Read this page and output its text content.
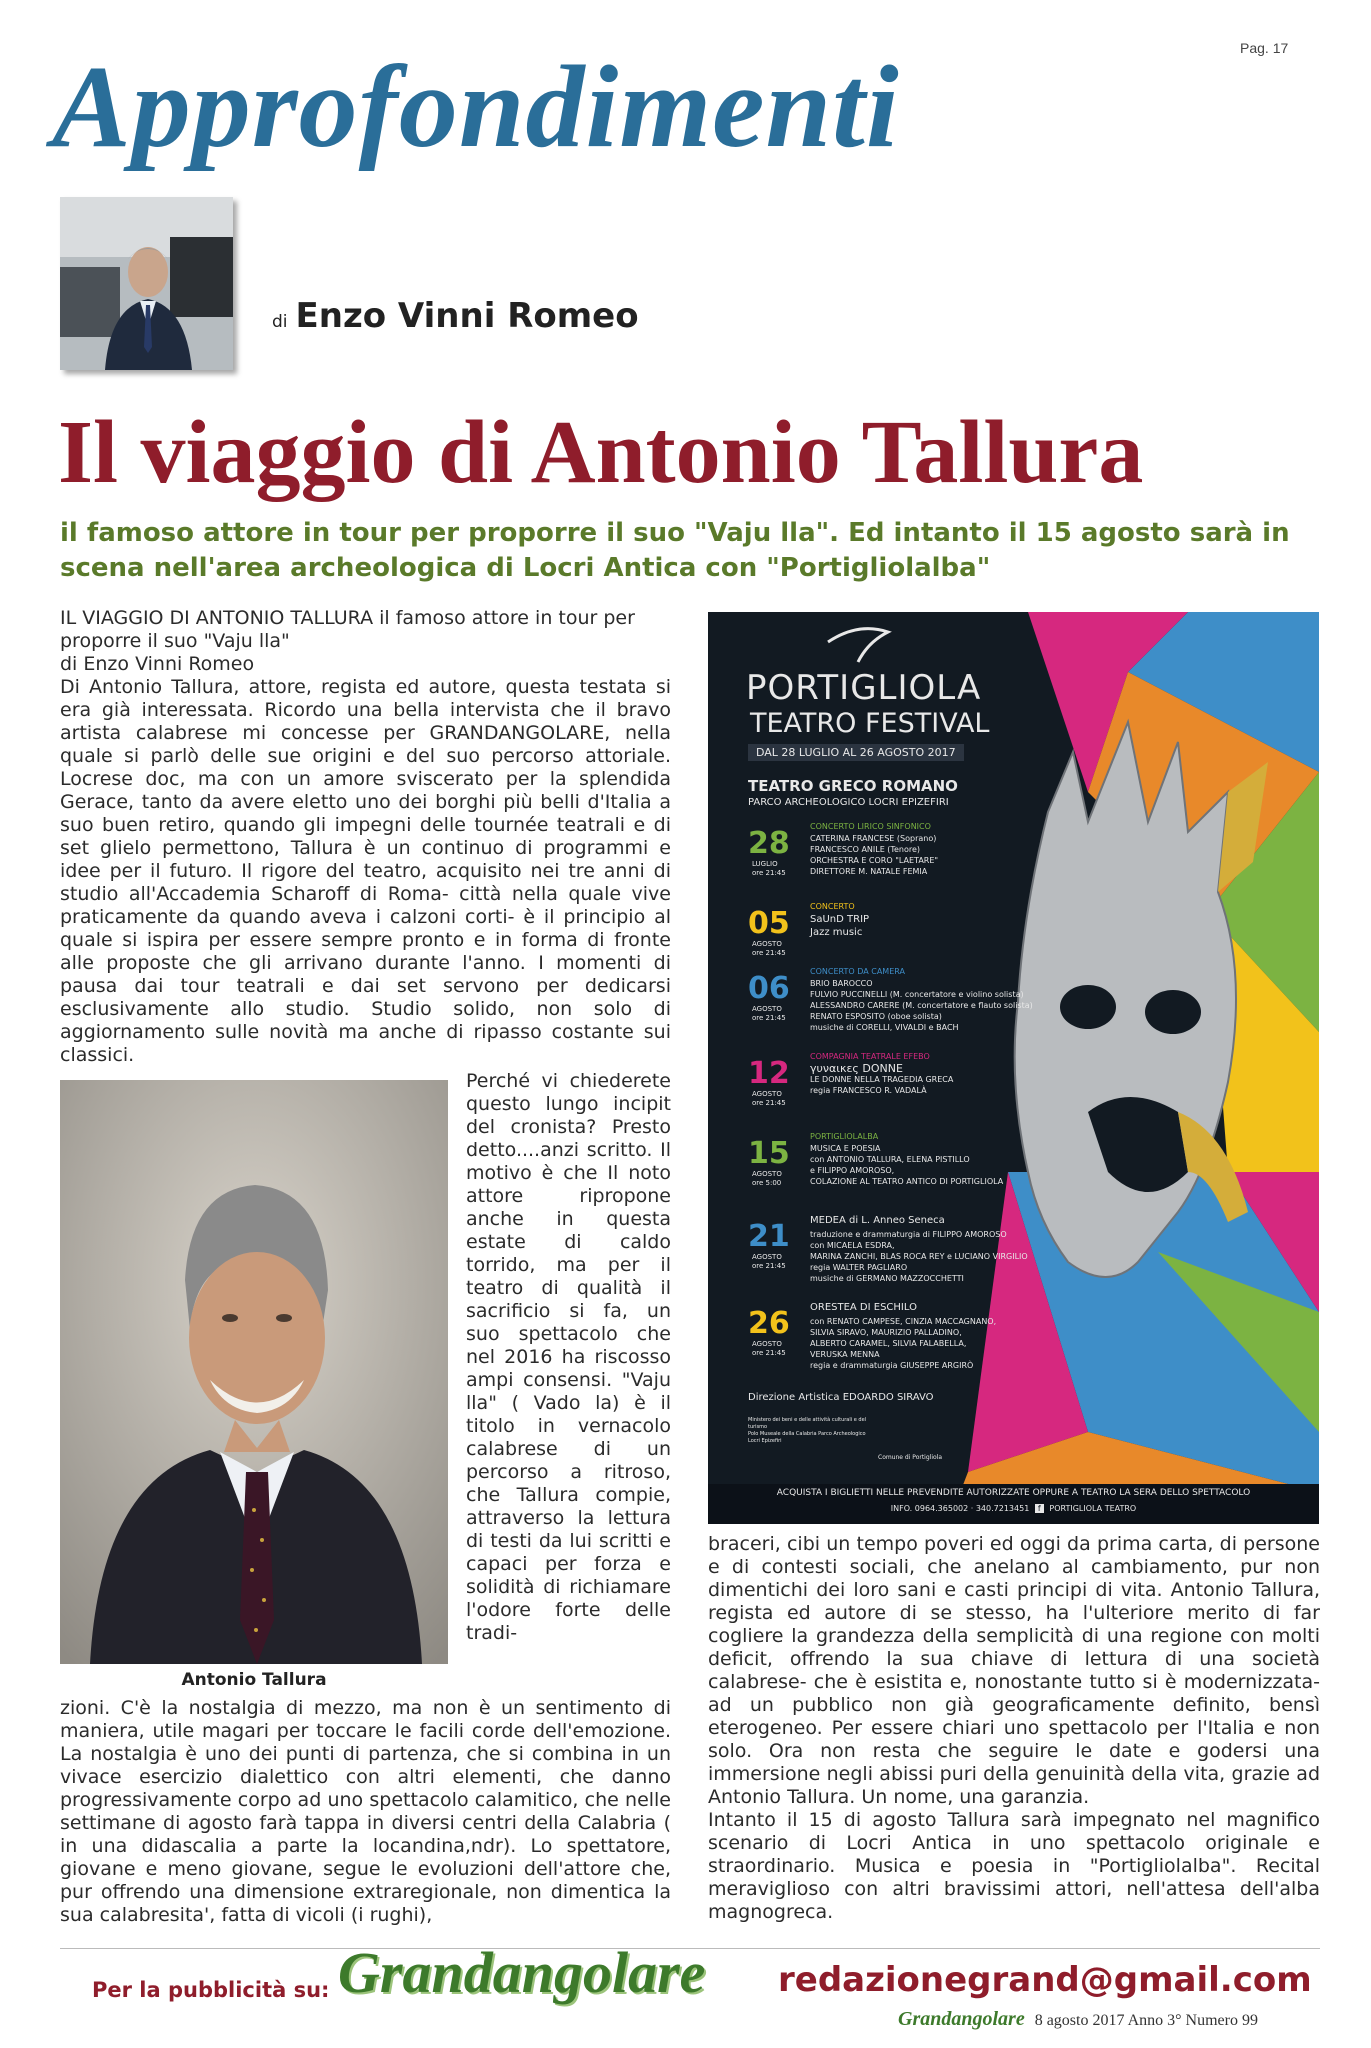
Pag. 17
Approfondimenti
di Enzo Vinni Romeo
Il viaggio di Antonio Tallura
il famoso attore in tour per proporre il suo "Vaju lla". Ed intanto il 15 agosto sarà in scena nell'area archeologica di Locri Antica con "Portigliolalba"

IL VIAGGIO DI ANTONIO TALLURA il famoso attore in tour per proporre il suo "Vaju lla"

di Enzo Vinni Romeo

Di Antonio Tallura, attore, regista ed autore, questa testata si era già interessata. Ricordo una bella intervista che il bravo artista calabrese mi concesse per GRANDANGOLARE, nella quale si parlò delle sue origini e del suo percorso attoriale. Locrese doc, ma con un amore sviscerato per la splendida Gerace, tanto da avere eletto uno dei borghi più belli d'Italia a suo buen retiro, quando gli impegni delle tournée teatrali e di set glielo permettono, Tallura è un continuo di programmi e idee per il futuro. Il rigore del teatro, acquisito nei tre anni di studio all'Accademia Scharoff di Roma- città nella quale vive praticamente da quando aveva i calzoni corti- è il principio al quale si ispira per essere sempre pronto e in forma di fronte alle proposte che gli arrivano durante l'anno. I momenti di pausa dai tour teatrali e dai set servono per dedicarsi esclusivamente allo studio. Studio solido, non solo di aggiornamento sulle novità ma anche di ripasso costante sui classici.

Antonio Tallura
Perché vi chiederete questo lungo incipit del cronista? Presto detto....anzi scritto. Il motivo è che Il noto attore ripropone anche in questa estate di caldo torrido, ma per il teatro di qualità il sacrificio si fa, un suo spettacolo che nel 2016 ha riscosso ampi consensi. "Vaju lla" ( Vado la) è il titolo in vernacolo calabrese di un percorso a ritroso, che Tallura compie, attraverso la lettura di testi da lui scritti e capaci per forza e solidità di richiamare l'odore forte delle tradi-
zioni. C'è la nostalgia di mezzo, ma non è un sentimento di maniera, utile magari per toccare le facili corde dell'emozione. La nostalgia è uno dei punti di partenza, che si combina in un vivace esercizio dialettico con altri elementi, che danno progressivamente corpo ad uno spettacolo calamitico, che nelle settimane di agosto farà tappa in diversi centri della Calabria ( in una didascalia a parte la locandina,ndr). Lo spettatore, giovane e meno giovane, segue le evoluzioni dell'attore che, pur offrendo una dimensione extraregionale, non dimentica la sua calabresita', fatta di vicoli (i rughi),
PORTIGLIOLA
TEATRO FESTIVAL
DAL 28 LUGLIO AL 26 AGOSTO 2017
TEATRO GRECO ROMANO
PARCO ARCHEOLOGICO LOCRI EPIZEFIRI
28
LUGLIO
ore 21:45
CONCERTO LIRICO SINFONICO
CATERINA FRANCESE (Soprano)
FRANCESCO ANILE (Tenore)
ORCHESTRA E CORO "LAETARE"
DIRETTORE M. NATALE FEMIA
05
AGOSTO
ore 21:45
CONCERTO
SaUnD TRIP
Jazz music
06
AGOSTO
ore 21:45
CONCERTO DA CAMERA
BRIO BAROCCO
FULVIO PUCCINELLI (M. concertatore e violino solista)
ALESSANDRO CARERE (M. concertatore e flauto solista)
RENATO ESPOSITO (oboe solista)
musiche di CORELLI, VIVALDI e BACH
12
AGOSTO
ore 21:45
COMPAGNIA TEATRALE EFEBO
γυναικες DONNE
LE DONNE NELLA TRAGEDIA GRECA
regia FRANCESCO R. VADALÀ
15
AGOSTO
ore 5:00
PORTIGLIOLALBA
MUSICA E POESIA
con ANTONIO TALLURA, ELENA PISTILLO
e FILIPPO AMOROSO,
COLAZIONE AL TEATRO ANTICO DI PORTIGLIOLA
21
AGOSTO
ore 21:45
MEDEA di L. Anneo Seneca
traduzione e drammaturgia di FILIPPO AMOROSO
con MICAELA ESDRA,
MARINA ZANCHI, BLAS ROCA REY e LUCIANO VIRGILIO
regia WALTER PAGLIARO
musiche di GERMANO MAZZOCCHETTI
26
AGOSTO
ore 21:45
ORESTEA DI ESCHILO
con RENATO CAMPESE, CINZIA MACCAGNANO,
SILVIA SIRAVO, MAURIZIO PALLADINO,
ALBERTO CARAMEL, SILVIA FALABELLA,
VERUSKA MENNA
regia e drammaturgia GIUSEPPE ARGIRÒ
Direzione Artistica EDOARDO SIRAVO
Ministero dei beni e delle attività culturali e del turismo
Polo Museale della Calabria Parco Archeologico Locri Epizefiri
Comune di Portigliola
ACQUISTA I BIGLIETTI NELLE PREVENDITE AUTORIZZATE OPPURE A TEATRO LA SERA DELLO SPETTACOLO
INFO. 0964.365002 · 340.7213451 f PORTIGLIOLA TEATRO
braceri, cibi un tempo poveri ed oggi da prima carta, di persone e di contesti sociali, che anelano al cambiamento, pur non dimentichi dei loro sani e casti principi di vita. Antonio Tallura, regista ed autore di se stesso, ha l'ulteriore merito di far cogliere la grandezza della semplicità di una regione con molti deficit, offrendo la sua chiave di lettura di una società calabrese- che è esistita e, nonostante tutto si è modernizzata- ad un pubblico non già geograficamente definito, bensì eterogeneo. Per essere chiari uno spettacolo per l'Italia e non solo. Ora non resta che seguire le date e godersi una immersione negli abissi puri della genuinità della vita, grazie ad Antonio Tallura. Un nome, una garanzia.
Intanto il 15 di agosto Tallura sarà impegnato nel magnifico scenario di Locri Antica in uno spettacolo originale e straordinario. Musica e poesia in "Portigliolalba". Recital meraviglioso con altri bravissimi attori, nell'attesa dell'alba magnogreca.
Per la pubblicità su: Grandangolare redazionegrand@gmail.com
Grandangolare 8 agosto 2017 Anno 3° Numero 99
